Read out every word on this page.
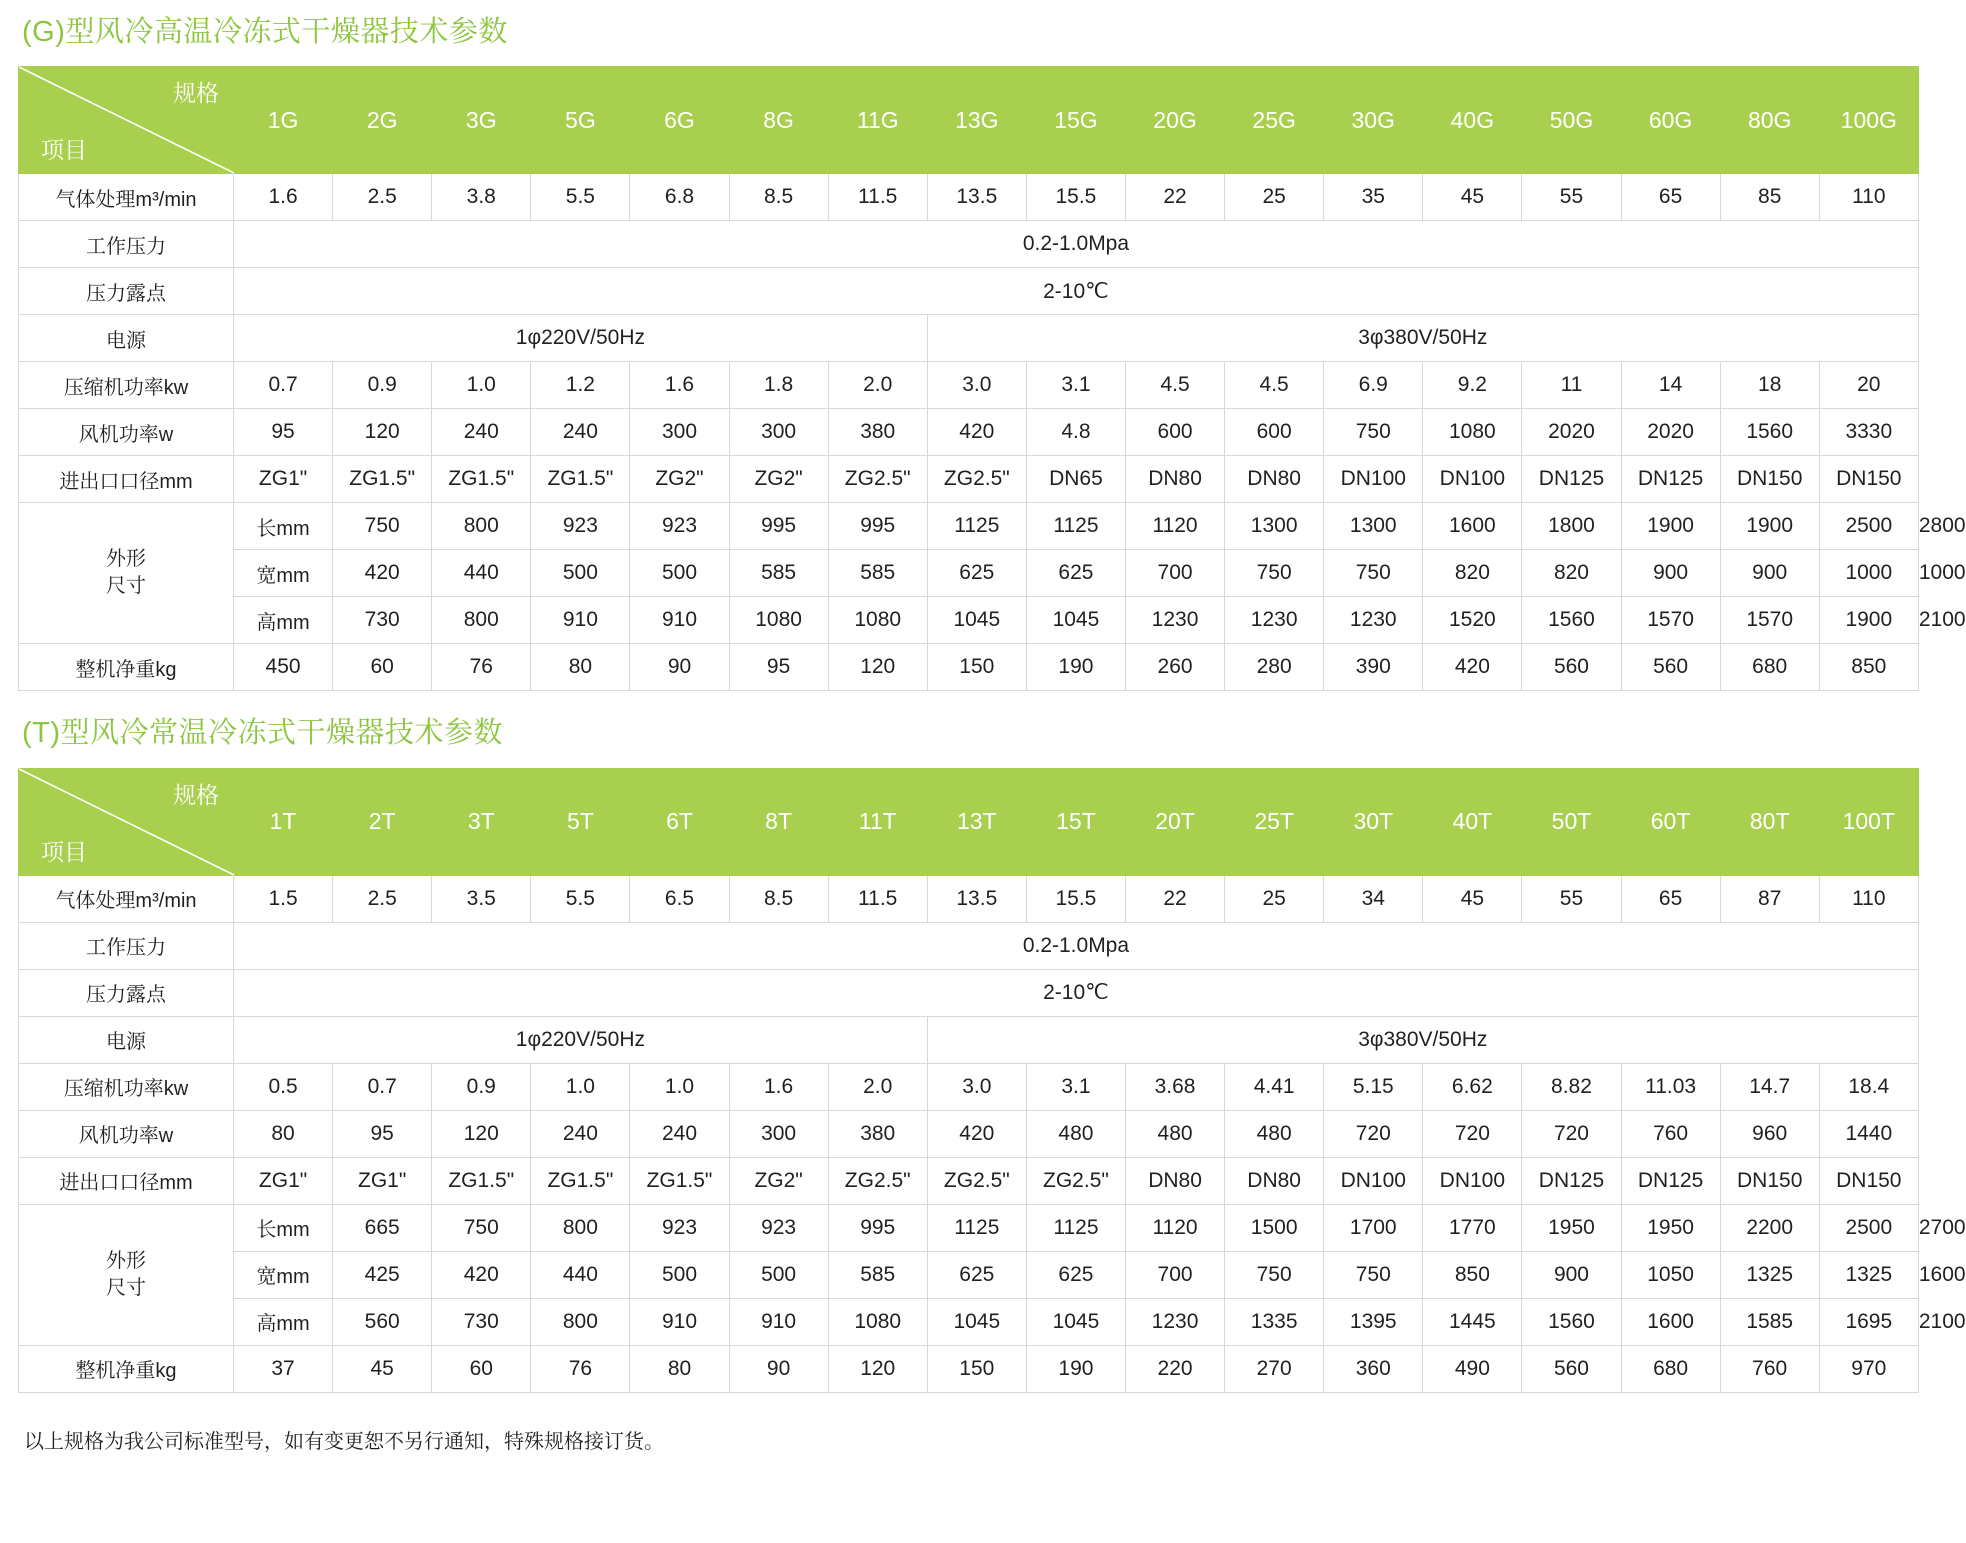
(G)型风冷高温冷冻式干燥器技术参数
规格
项目	1G	2G	3G	5G	6G	8G	11G	13G	15G	20G	25G	30G	40G	50G	60G	80G	100G	
气体处理m³/min	1.6	2.5	3.8	5.5	6.8	8.5	11.5	13.5	15.5	22	25	35	45	55	65	85	110	
工作压力	0.2-1.0Mpa																	
压力露点	2-10℃																	
电源	1φ220V/50Hz							3φ380V/50Hz										
压缩机功率kw	0.7	0.9	1.0	1.2	1.6	1.8	2.0	3.0	3.1	4.5	4.5	6.9	9.2	11	14	18	20	
风机功率w	95	120	240	240	300	300	380	420	4.8	600	600	750	1080	2020	2020	1560	3330	
进出口口径mm	ZG1"	ZG1.5"	ZG1.5"	ZG1.5"	ZG2"	ZG2"	ZG2.5"	ZG2.5"	DN65	DN80	DN80	DN100	DN100	DN125	DN125	DN150	DN150	

外形
尺寸	长mm	750	800	923	923	995	995	1125	1125	1120	1300	1300	1600	1800	1900	1900	2500	2800
	宽mm	420	440	500	500	585	585	625	625	700	750	750	820	820	900	900	1000	1000
	高mm	730	800	910	910	1080	1080	1045	1045	1230	1230	1230	1520	1560	1570	1570	1900	2100
整机净重kg	450	60	76	80	90	95	120	150	190	260	280	390	420	560	560	680	850	
(T)型风冷常温冷冻式干燥器技术参数
规格
项目	1T	2T	3T	5T	6T	8T	11T	13T	15T	20T	25T	30T	40T	50T	60T	80T	100T	
气体处理m³/min	1.5	2.5	3.5	5.5	6.5	8.5	11.5	13.5	15.5	22	25	34	45	55	65	87	110	
工作压力	0.2-1.0Mpa																	
压力露点	2-10℃																	
电源	1φ220V/50Hz							3φ380V/50Hz										
压缩机功率kw	0.5	0.7	0.9	1.0	1.0	1.6	2.0	3.0	3.1	3.68	4.41	5.15	6.62	8.82	11.03	14.7	18.4	
风机功率w	80	95	120	240	240	300	380	420	480	480	480	720	720	720	760	960	1440	
进出口口径mm	ZG1"	ZG1"	ZG1.5"	ZG1.5"	ZG1.5"	ZG2"	ZG2.5"	ZG2.5"	ZG2.5"	DN80	DN80	DN100	DN100	DN125	DN125	DN150	DN150	

外形
尺寸	长mm	665	750	800	923	923	995	1125	1125	1120	1500	1700	1770	1950	1950	2200	2500	2700
	宽mm	425	420	440	500	500	585	625	625	700	750	750	850	900	1050	1325	1325	1600
	高mm	560	730	800	910	910	1080	1045	1045	1230	1335	1395	1445	1560	1600	1585	1695	2100
整机净重kg	37	45	60	76	80	90	120	150	190	220	270	360	490	560	680	760	970	
以上规格为我公司标准型号，如有变更恕不另行通知，特殊规格接订货。
